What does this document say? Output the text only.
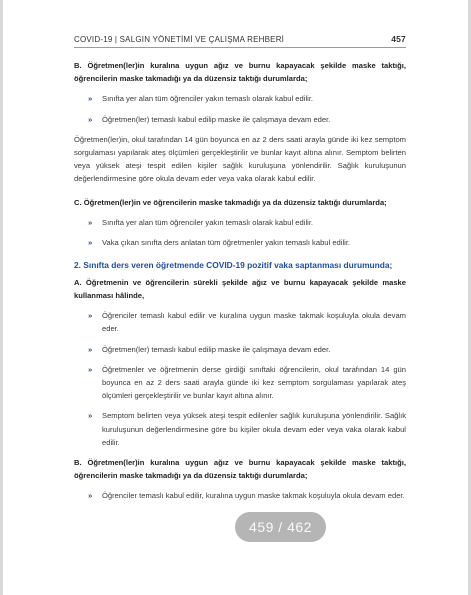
COVID-19 | SALGIN YÖNETİMİ VE ÇALIŞMA REHBERİ	457

B. Öğretmen(ler)in kuralına uygun ağız ve burnu kapayacak şekilde maske taktığı, öğrencilerin maske takmadığı ya da düzensiz taktığı durumlarda;

» Sınıfta yer alan tüm öğrenciler yakın temaslı olarak kabul edilir.
» Öğretmen(ler) temaslı kabul edilip maske ile çalışmaya devam eder.

Öğretmen(ler)in, okul tarafından 14 gün boyunca en az 2 ders saati arayla günde iki kez semptom sorgulaması yapılarak ateş ölçümleri gerçekleştirilir ve bunlar kayıt altına alınır. Semptom belirten veya yüksek ateşi tespit edilen kişiler sağlık kuruluşuna yönlendirilir. Sağlık kuruluşunun değerlendirmesine göre okula devam eder veya vaka olarak kabul edilir.

C. Öğretmen(ler)in ve öğrencilerin maske takmadığı ya da düzensiz taktığı durumlarda;

» Sınıfta yer alan tüm öğrenciler yakın temaslı olarak kabul edilir.
» Vaka çıkan sınıfta ders anlatan tüm öğretmenler yakın temaslı kabul edilir.

2. Sınıfta ders veren öğretmende COVID-19 pozitif vaka saptanması durumunda;

A. Öğretmenin ve öğrencilerin sürekli şekilde ağız ve burnu kapayacak şekilde maske kullanması hâlinde,

» Öğrenciler temaslı kabul edilir ve kuralına uygun maske takmak koşuluyla okula devam eder.
» Öğretmen(ler) temaslı kabul edilip maske ile çalışmaya devam eder.
» Öğretmenler ve öğretmenin derse girdiği sınıftaki öğrencilerin, okul tarafından 14 gün boyunca en az 2 ders saati arayla günde iki kez semptom sorgulaması yapılarak ateş ölçümleri gerçekleştirilir ve bunlar kayıt altına alınır.
» Semptom belirten veya yüksek ateşi tespit edilenler sağlık kuruluşuna yönlendirilir. Sağlık kuruluşunun değerlendirmesine göre bu kişiler okula devam eder veya vaka olarak kabul edilir.

B. Öğretmen(ler)in kuralına uygun ağız ve burnu kapayacak şekilde maske taktığı, öğrencilerin maske takmadığı ya da düzensiz taktığı durumlarda;

» Öğrenciler temaslı kabul edilir, kuralına uygun maske takmak koşuluyla okula devam eder.
459 / 462
